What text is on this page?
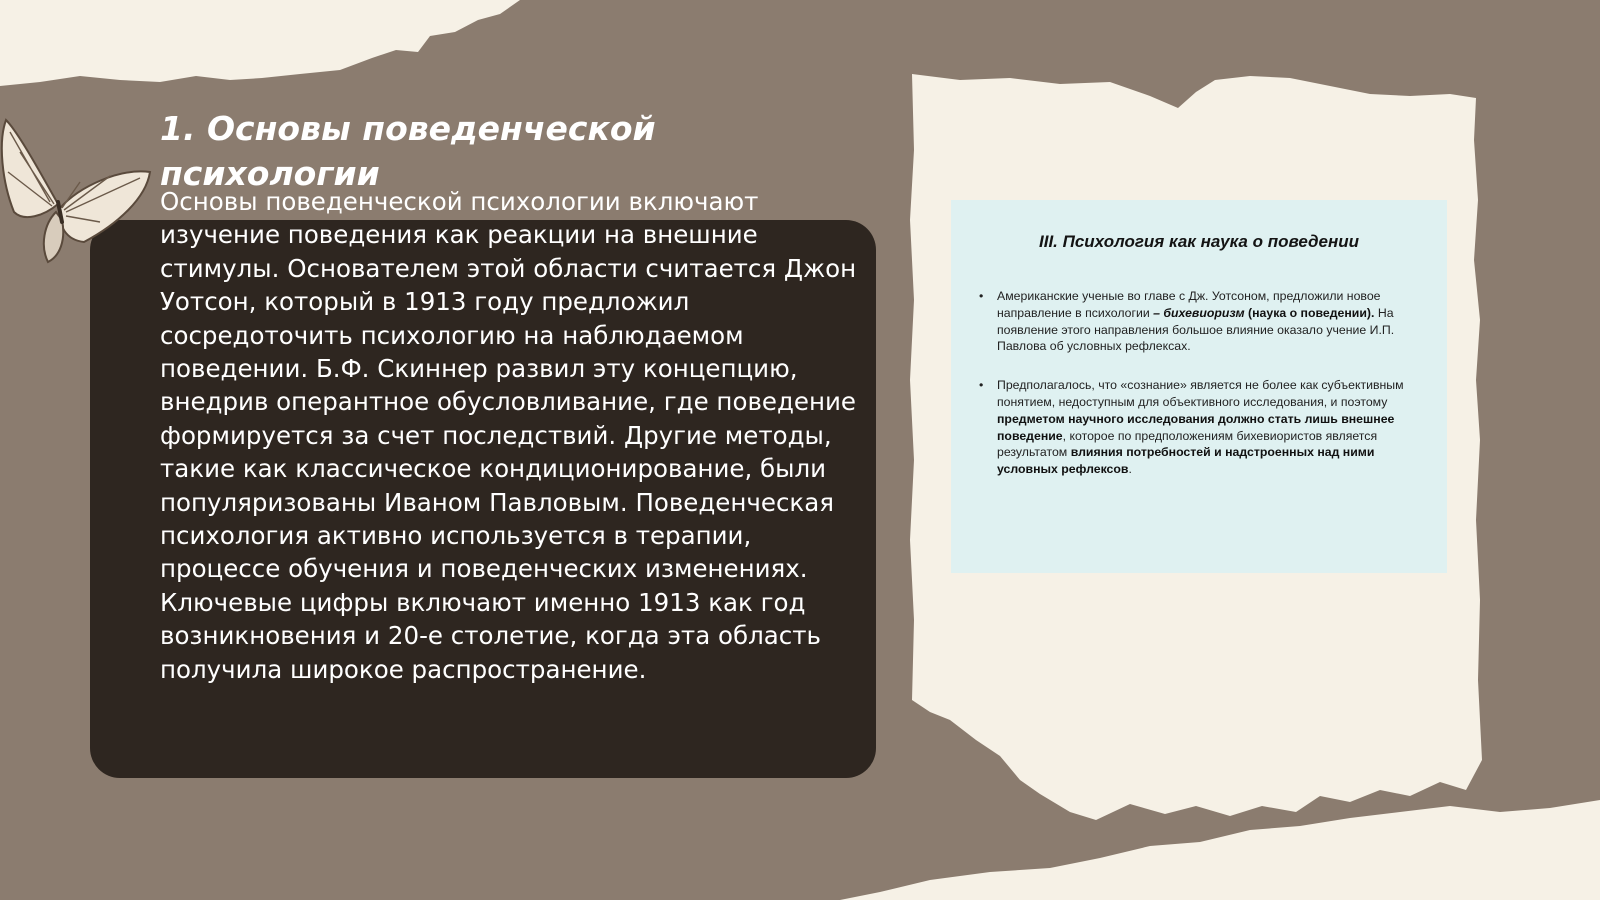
1. Основы поведенческой психологии

Основы поведенческой психологии включают изучение поведения как реакции на внешние стимулы. Основателем этой области считается Джон Уотсон, который в 1913 году предложил сосредоточить психологию на наблюдаемом поведении. Б.Ф. Скиннер развил эту концепцию, внедрив оперантное обусловливание, где поведение формируется за счет последствий. Другие методы, такие как классическое кондиционирование, были популяризованы Иваном Павловым. Поведенческая психология активно используется в терапии, процессе обучения и поведенческих изменениях. Ключевые цифры включают именно 1913 как год возникновения и 20-е столетие, когда эта область получила широкое распространение.

III. Психология как наука о поведении
• Американские ученые во главе с Дж. Уотсоном, предложили новое направление в психологии – бихевиоризм (наука о поведении). На появление этого направления большое влияние оказало учение И.П. Павлова об условных рефлексах.
• Предполагалось, что «сознание» является не более как субъективным понятием, недоступным для объективного исследования, и поэтому предметом научного исследования должно стать лишь внешнее поведение, которое по предположениям бихевиористов является результатом влияния потребностей и надстроенных над ними условных рефлексов.
